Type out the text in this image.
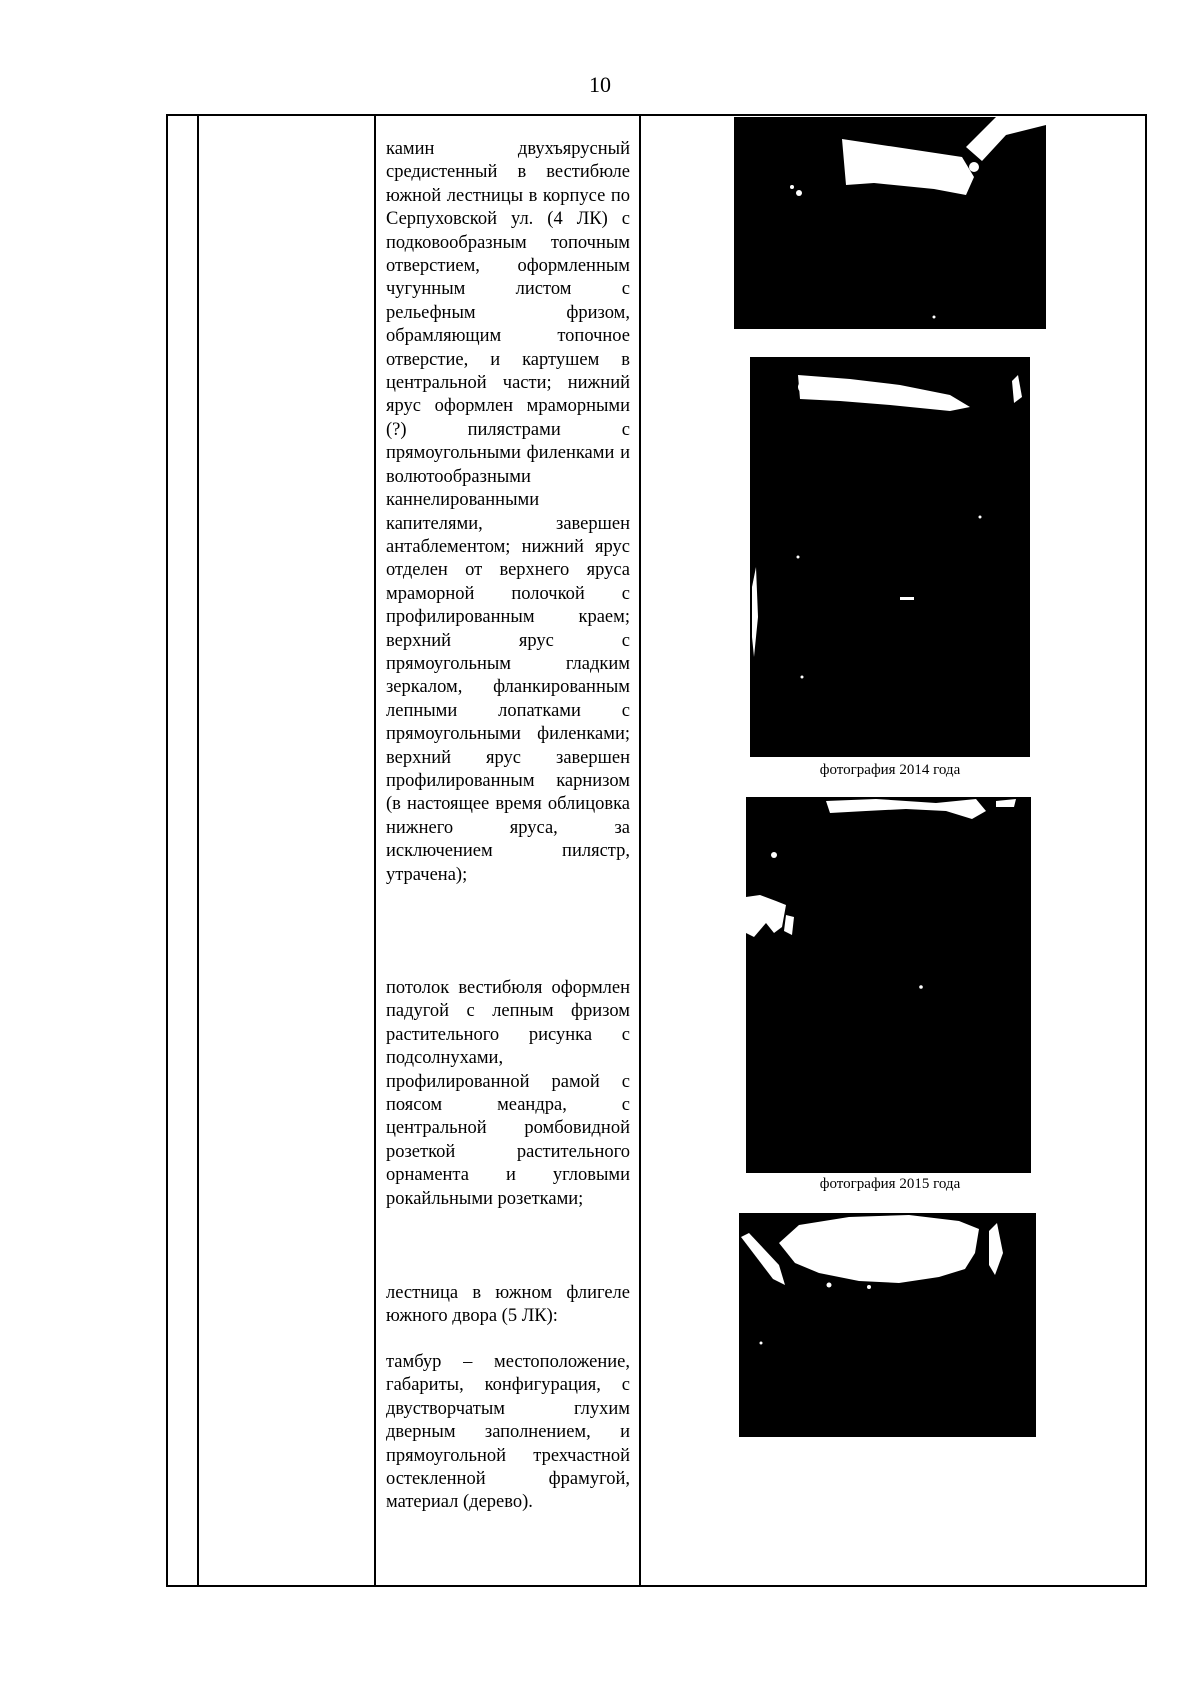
10

камин двухъярусный средистенный в вестибюле южной лестницы в корпусе по Серпуховской ул. (4 ЛК) с подковообразным топочным отверстием, оформленным чугунным листом с рельефным фризом, обрамляющим топочное отверстие, и картушем в центральной части; нижний ярус оформлен мраморными (?) пилястрами с прямоугольными филенками и волютообразными каннелированными капителями, завершен антаблементом; нижний ярус отделен от верхнего яруса мраморной полочкой с профилированным краем; верхний ярус с прямоугольным гладким зеркалом, фланкированным лепными лопатками с прямоугольными филенками; верхний ярус завершен профилированным карнизом (в настоящее время облицовка нижнего яруса, за исключением пилястр, утрачена);

потолок вестибюля оформлен падугой с лепным фризом растительного рисунка с подсолнухами, профилированной рамой с поясом меандра, с центральной ромбовидной розеткой растительного орнамента и угловыми рокайльными розетками;

лестница в южном флигеле южного двора (5 ЛК):

тамбур – местоположение, габариты, конфигурация, с двустворчатым глухим дверным заполнением, и прямоугольной трехчастной остекленной фрамугой, материал (дерево).

фотография 2014 года
фотография 2015 года
